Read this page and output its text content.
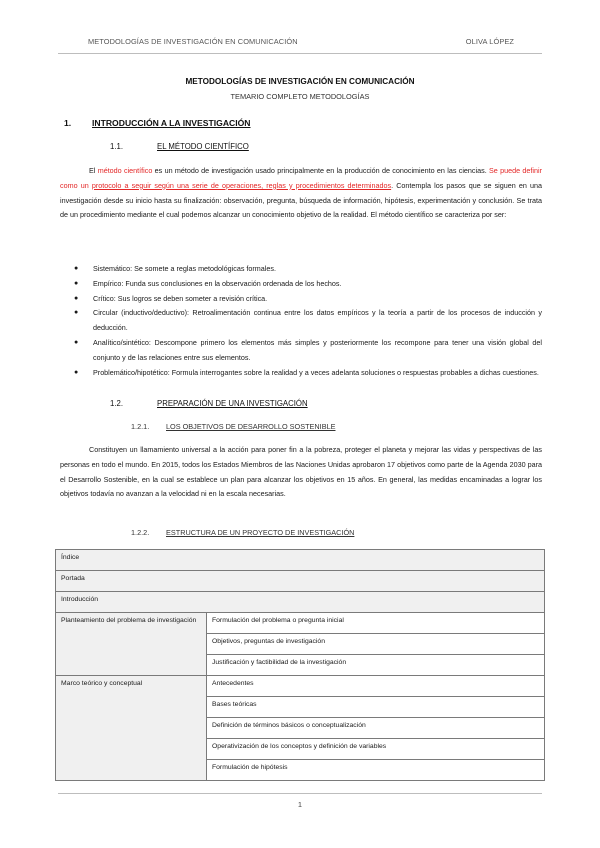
METODOLOGÍAS DE INVESTIGACIÓN EN COMUNICACIÓN	OLIVA LÓPEZ
METODOLOGÍAS DE INVESTIGACIÓN EN COMUNICACIÓN
TEMARIO COMPLETO METODOLOGÍAS
1. INTRODUCCIÓN A LA INVESTIGACIÓN
1.1.	EL MÉTODO CIENTÍFICO
El método científico es un método de investigación usado principalmente en la producción de conocimiento en las ciencias. Se puede definir como un protocolo a seguir según una serie de operaciones, reglas y procedimientos determinados. Contempla los pasos que se siguen en una investigación desde su inicio hasta su finalización: observación, pregunta, búsqueda de información, hipótesis, experimentación y conclusión. Se trata de un procedimiento mediante el cual podemos alcanzar un conocimiento objetivo de la realidad. El método científico se caracteriza por ser:
● Sistemático: Se somete a reglas metodológicas formales.
● Empírico: Funda sus conclusiones en la observación ordenada de los hechos.
● Crítico: Sus logros se deben someter a revisión crítica.
● Circular (inductivo/deductivo): Retroalimentación continua entre los datos empíricos y la teoría a partir de los procesos de inducción y deducción.
● Analítico/sintético: Descompone primero los elementos más simples y posteriormente los recompone para tener una visión global del conjunto y de las relaciones entre sus elementos.
● Problemático/hipotético: Formula interrogantes sobre la realidad y a veces adelanta soluciones o respuestas probables a dichas cuestiones.
1.2.	PREPARACIÓN DE UNA INVESTIGACIÓN
1.2.1. LOS OBJETIVOS DE DESARROLLO SOSTENIBLE
Constituyen un llamamiento universal a la acción para poner fin a la pobreza, proteger el planeta y mejorar las vidas y perspectivas de las personas en todo el mundo. En 2015, todos los Estados Miembros de las Naciones Unidas aprobaron 17 objetivos como parte de la Agenda 2030 para el Desarrollo Sostenible, en la cual se establece un plan para alcanzar los objetivos en 15 años. En general, las medidas encaminadas a lograr los objetivos todavía no avanzan a la velocidad ni en la escala necesarias.
1.2.2. ESTRUCTURA DE UN PROYECTO DE INVESTIGACIÓN
Índice	
Portada	
Introducción	
Planteamiento del problema de investigación	Formulación del problema o pregunta inicial
	Objetivos, preguntas de investigación
	Justificación y factibilidad de la investigación
Marco teórico y conceptual	Antecedentes
	Bases teóricas
	Definición de términos básicos o conceptualización
	Operativización de los conceptos y definición de variables
	Formulación de hipótesis
1
